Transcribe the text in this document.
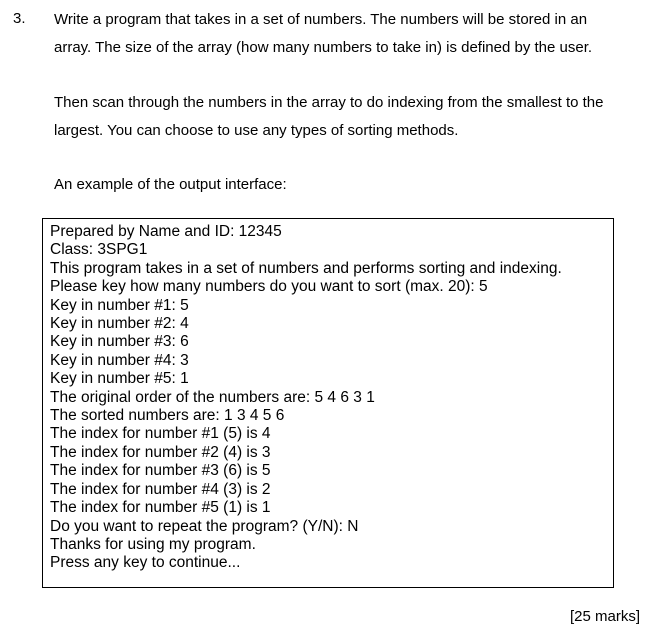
3. Write a program that takes in a set of numbers. The numbers will be stored in an
array. The size of the array (how many numbers to take in) is defined by the user.

Then scan through the numbers in the array to do indexing from the smallest to the
largest. You can choose to use any types of sorting methods.

An example of the output interface:

Prepared by Name and ID: 12345
Class: 3SPG1
This program takes in a set of numbers and performs sorting and indexing.
Please key how many numbers do you want to sort (max. 20): 5
Key in number #1: 5
Key in number #2: 4
Key in number #3: 6
Key in number #4: 3
Key in number #5: 1
The original order of the numbers are: 5 4 6 3 1
The sorted numbers are: 1 3 4 5 6
The index for number #1 (5) is 4
The index for number #2 (4) is 3
The index for number #3 (6) is 5
The index for number #4 (3) is 2
The index for number #5 (1) is 1
Do you want to repeat the program? (Y/N): N
Thanks for using my program.
Press any key to continue...
[25 marks]
